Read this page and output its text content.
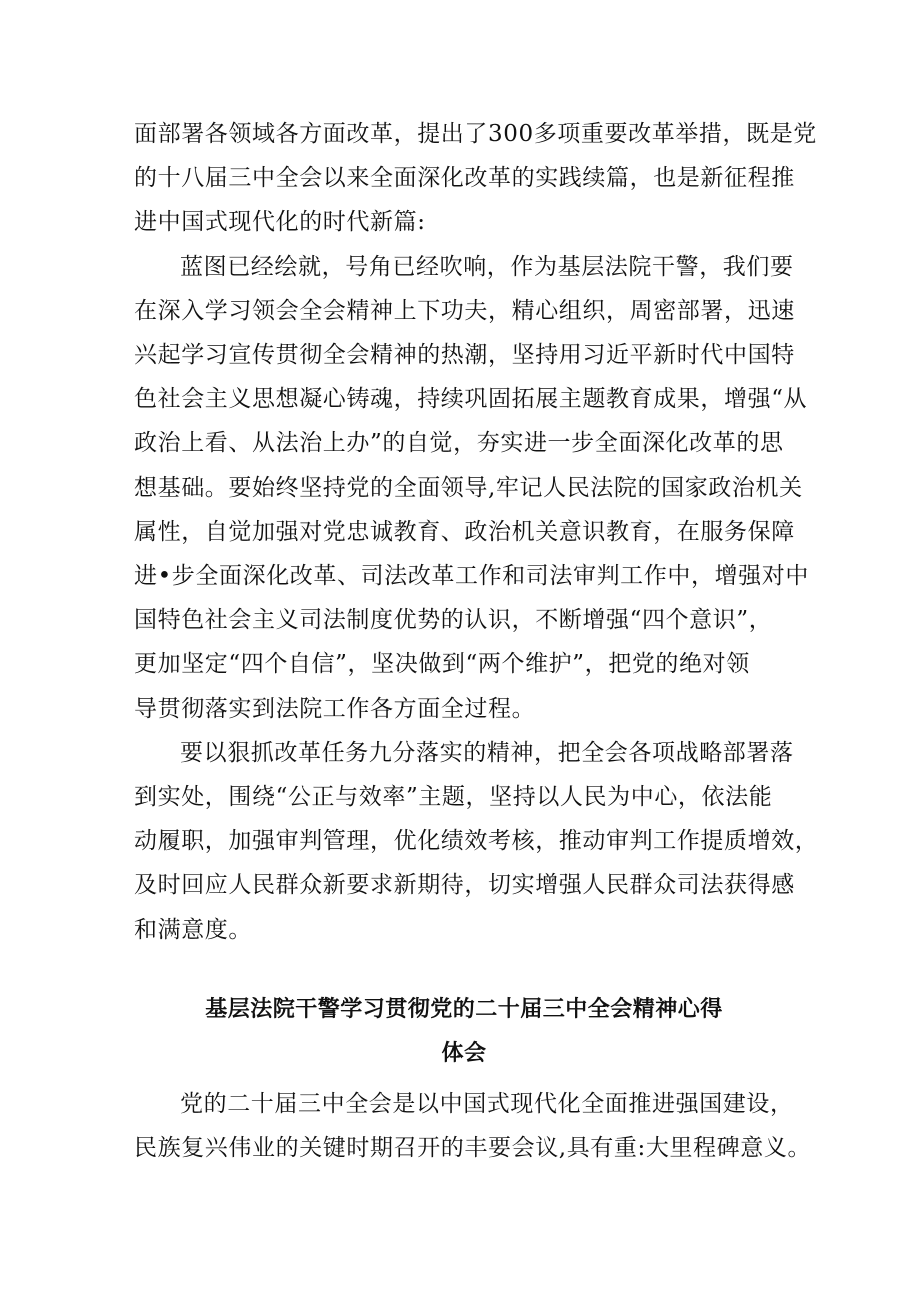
面部署各领域各方面改革，提出了300多项重要改革举措，既是党
的十八届三中全会以来全面深化改革的实践续篇，也是新征程推
进中国式现代化的时代新篇:

蓝图已经绘就，号角已经吹响，作为基层法院干警，我们要
在深入学习领会全会精神上下功夫，精心组织，周密部署，迅速
兴起学习宣传贯彻全会精神的热潮，坚持用习近平新时代中国特
色社会主义思想凝心铸魂，持续巩固拓展主题教育成果，增强“从
政治上看、从法治上办”的自觉，夯实进一步全面深化改革的思
想基础。要始终坚持党的全面领导,牢记人民法院的国家政治机关
属性，自觉加强对党忠诚教育、政治机关意识教育，在服务保障
进•步全面深化改革、司法改革工作和司法审判工作中，增强对中
国特色社会主义司法制度优势的认识，不断增强“四个意识”，
更加坚定“四个自信”，坚决做到“两个维护”，把党的绝对领
导贯彻落实到法院工作各方面全过程。

要以狠抓改革任务九分落实的精神，把全会各项战略部署落
到实处，围绕“公正与效率”主题，坚持以人民为中心，依法能
动履职，加强审判管理，优化绩效考核，推动审判工作提质增效，
及时回应人民群众新要求新期待，切实增强人民群众司法获得感
和满意度。

基层法院干警学习贯彻党的二十届三中全会精神心得
体会

党的二十届三中全会是以中国式现代化全面推进强国建设，
民族复兴伟业的关键时期召开的丰要会议,具有重:大里程碑意义。
